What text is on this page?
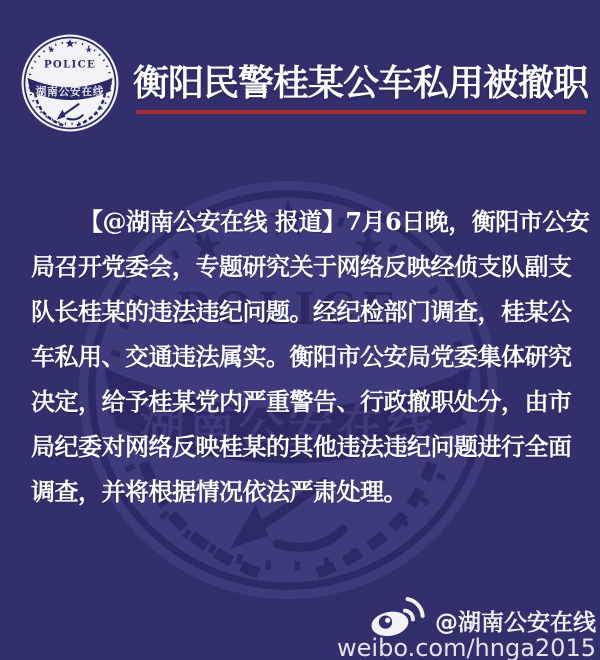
衡阳民警桂某公车私用被撤职
【@湖南公安在线 报道】7月6日晚，衡阳市公安
局召开党委会，专题研究关于网络反映经侦支队副支
队长桂某的违法违纪问题。经纪检部门调查，桂某公
车私用、交通违法属实。衡阳市公安局党委集体研究
决定，给予桂某党内严重警告、行政撤职处分，由市
局纪委对网络反映桂某的其他违法违纪问题进行全面
调查，并将根据情况依法严肃处理。
@湖南公安在线
weibo.com/hnga2015
